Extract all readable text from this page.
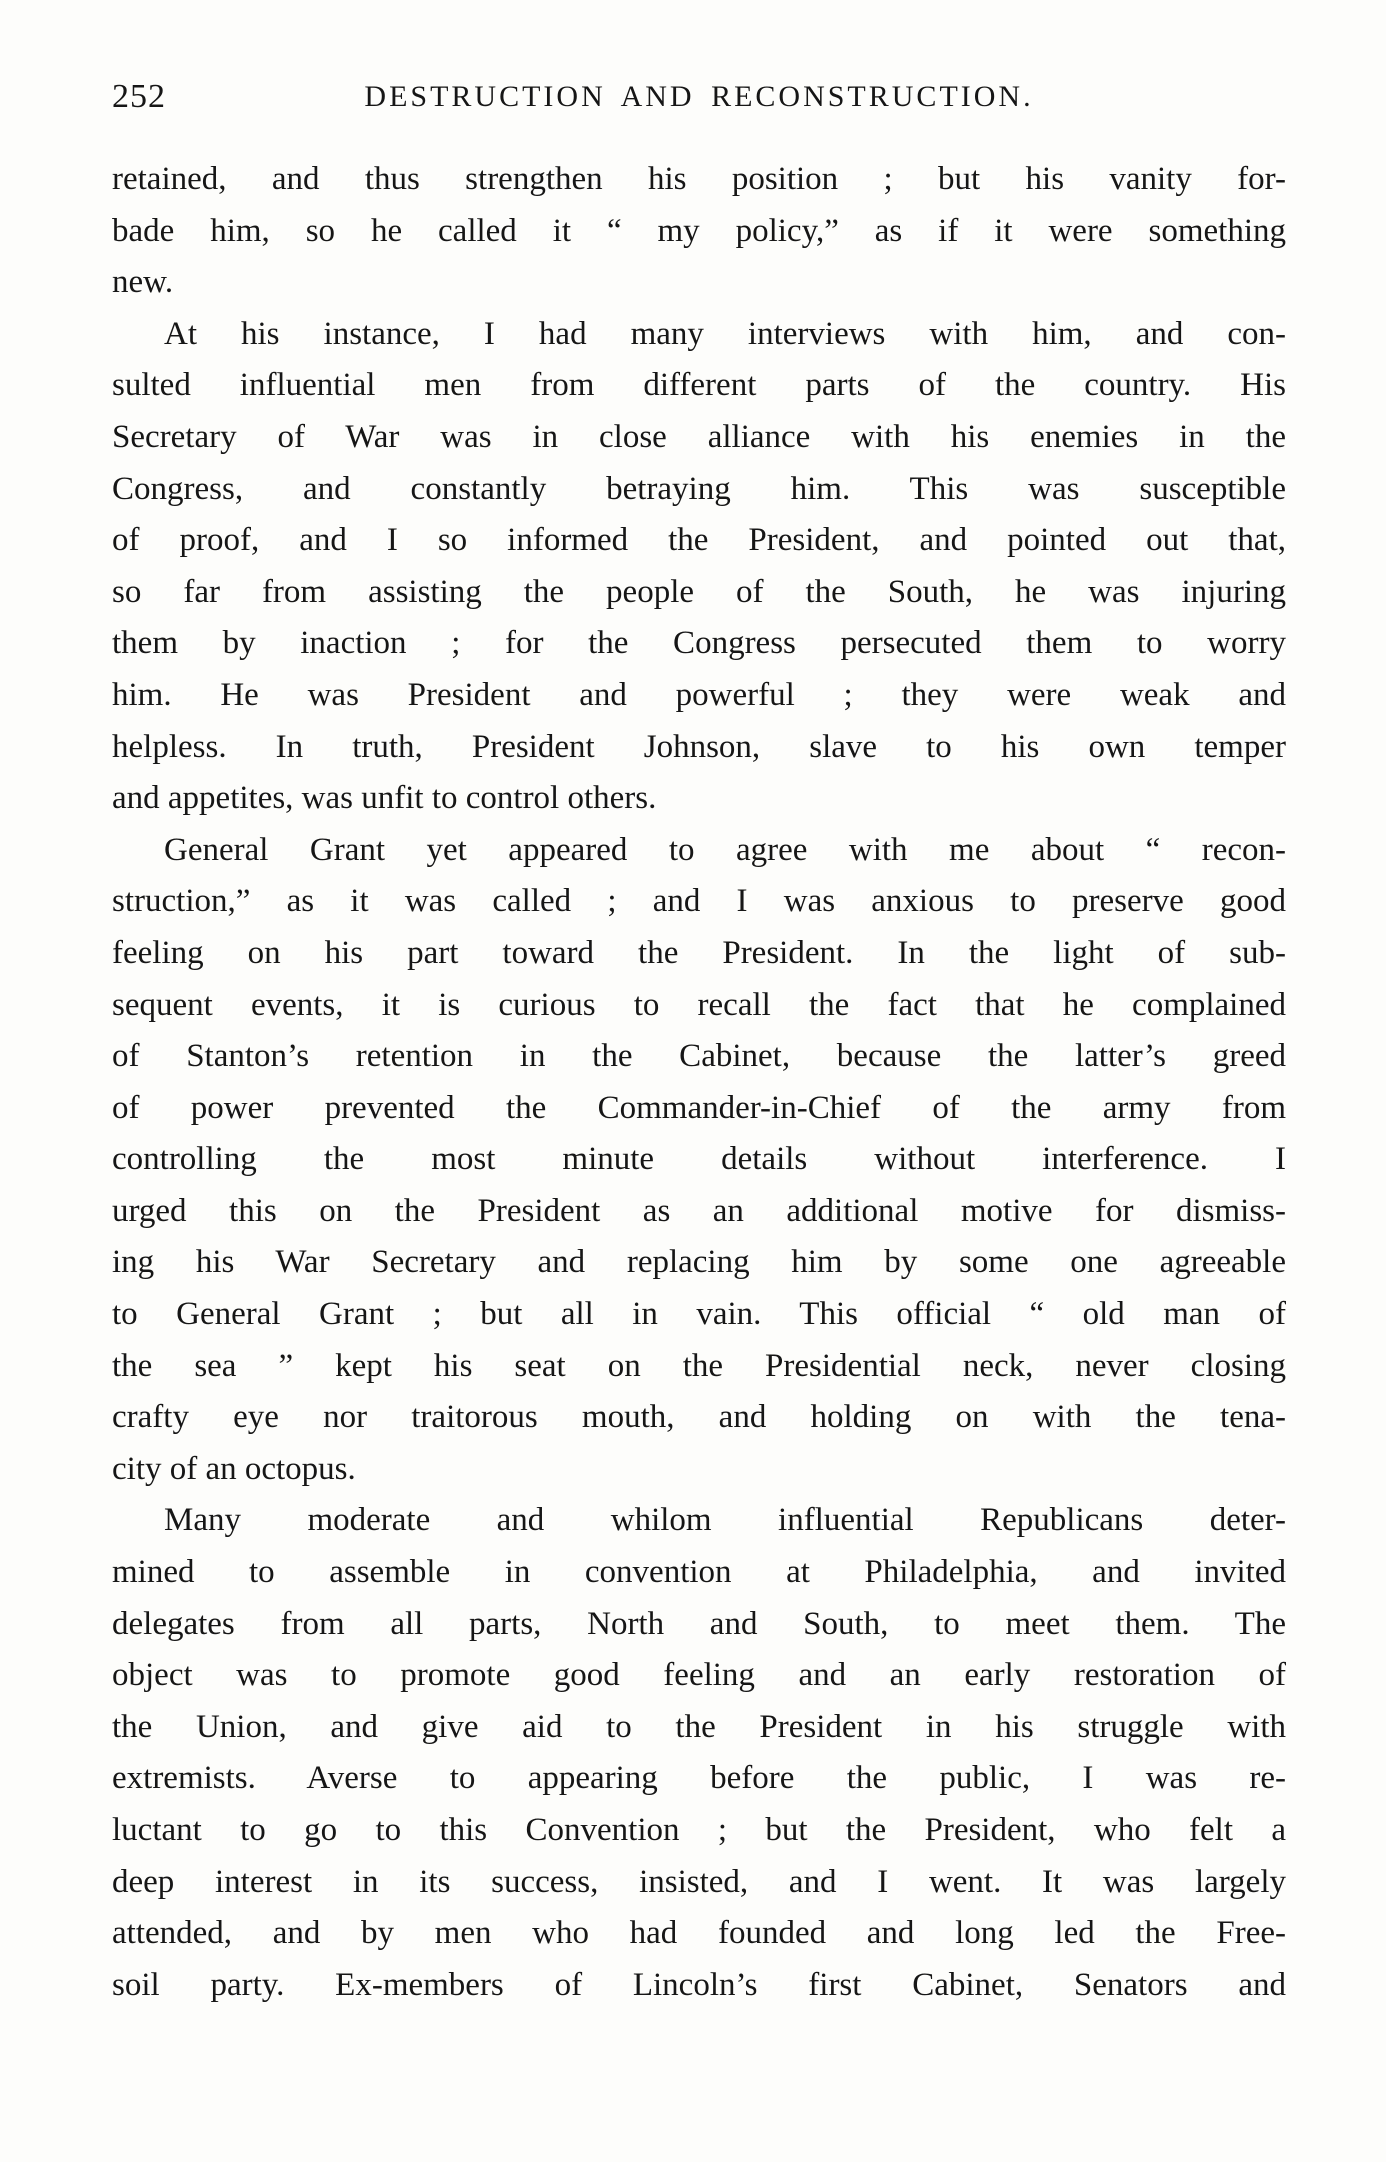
252	DESTRUCTION AND RECONSTRUCTION.
retained, and thus strengthen his position ; but his vanity for-
bade him, so he called it “ my policy,” as if it were something
new.
At his instance, I had many interviews with him, and con-
sulted influential men from different parts of the country. His
Secretary of War was in close alliance with his enemies in the
Congress, and constantly betraying him. This was susceptible
of proof, and I so informed the President, and pointed out that,
so far from assisting the people of the South, he was injuring
them by inaction ; for the Congress persecuted them to worry
him. He was President and powerful ; they were weak and
helpless. In truth, President Johnson, slave to his own temper
and appetites, was unfit to control others.
General Grant yet appeared to agree with me about “ recon-
struction,” as it was called ; and I was anxious to preserve good
feeling on his part toward the President. In the light of sub-
sequent events, it is curious to recall the fact that he complained
of Stanton’s retention in the Cabinet, because the latter’s greed
of power prevented the Commander-in-Chief of the army from
controlling the most minute details without interference. I
urged this on the President as an additional motive for dismiss-
ing his War Secretary and replacing him by some one agreeable
to General Grant ; but all in vain. This official “ old man of
the sea ” kept his seat on the Presidential neck, never closing
crafty eye nor traitorous mouth, and holding on with the tena-
city of an octopus.
Many moderate and whilom influential Republicans deter-
mined to assemble in convention at Philadelphia, and invited
delegates from all parts, North and South, to meet them. The
object was to promote good feeling and an early restoration of
the Union, and give aid to the President in his struggle with
extremists. Averse to appearing before the public, I was re-
luctant to go to this Convention ; but the President, who felt a
deep interest in its success, insisted, and I went. It was largely
attended, and by men who had founded and long led the Free-
soil party. Ex-members of Lincoln’s first Cabinet, Senators and
